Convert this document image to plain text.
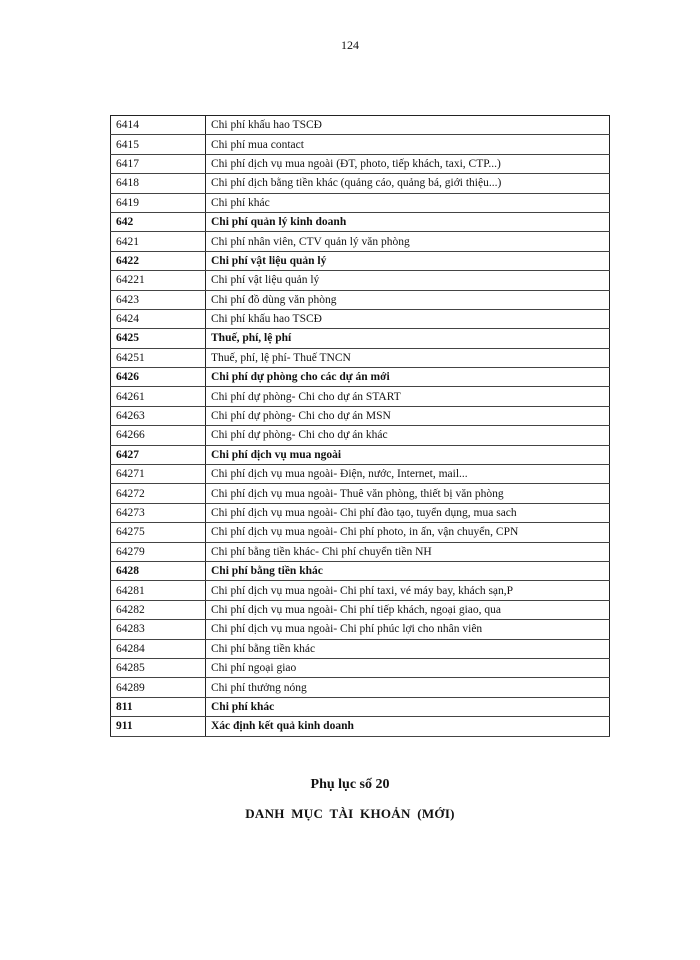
124
6414	Chi phí khấu hao TSCĐ
6415	Chi phí mua contact
6417	Chi phí dịch vụ mua ngoài (ĐT, photo, tiếp khách, taxi, CTP...)
6418	Chi phí dịch bằng tiền khác (quảng cáo, quảng bá, giới thiệu...)
6419	Chi phí khác
642	Chi phí quản lý kinh doanh
6421	Chi phí nhân viên, CTV quản lý văn phòng
6422	Chi phí vật liệu quản lý
64221	Chi phí vật liệu quản lý
6423	Chi phí đồ dùng văn phòng
6424	Chi phí khấu hao TSCĐ
6425	Thuế, phí, lệ phí
64251	Thuế, phí, lệ phí- Thuế TNCN
6426	Chi phí dự phòng cho các dự án mới
64261	Chi phí dự phòng- Chi cho dự án START
64263	Chi phí dự phòng- Chi cho dự án MSN
64266	Chi phí dự phòng- Chi cho dự án khác
6427	Chi phí dịch vụ mua ngoài
64271	Chi phí dịch vụ mua ngoài- Điện, nước, Internet, mail...
64272	Chi phí dịch vụ mua ngoài- Thuê văn phòng, thiết bị văn phòng
64273	Chi phí dịch vụ mua ngoài- Chi phí đào tạo, tuyển dụng, mua sach
64275	Chi phí dịch vụ mua ngoài- Chi phí photo, in ấn, vận chuyển, CPN
64279	Chi phí bằng tiền khác- Chi phí chuyển tiền NH
6428	Chi phí bằng tiền khác
64281	Chi phí dịch vụ mua ngoài- Chi phí taxi, vé máy bay, khách sạn,P
64282	Chi phí dịch vụ mua ngoài- Chi phí tiếp khách, ngoại giao, qua
64283	Chi phí dịch vụ mua ngoài- Chi phí phúc lợi cho nhân viên
64284	Chi phí bằng tiền khác
64285	Chi phí ngoại giao
64289	Chi phí thưởng nóng
811	Chi phí khác
911	Xác định kết quả kinh doanh
Phụ lục số 20
DANH MỤC TÀI KHOẢN (MỚI)
